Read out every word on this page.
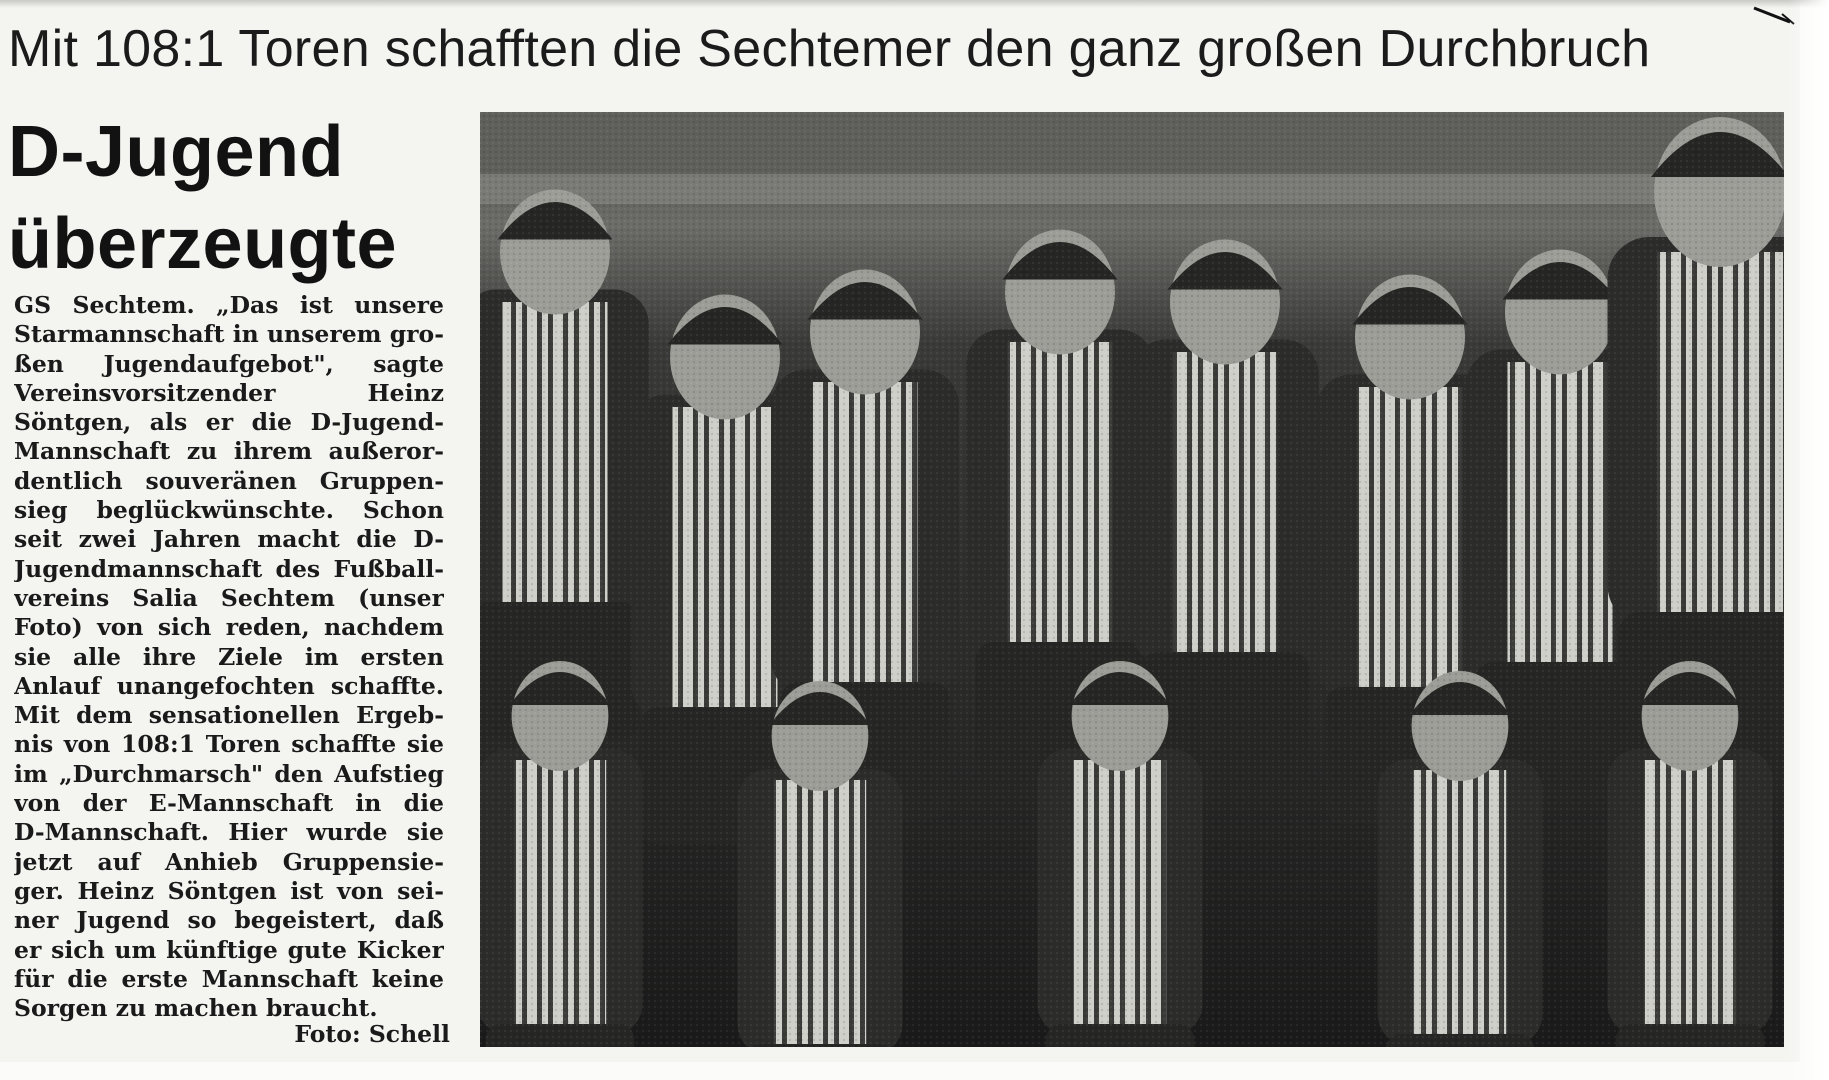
Mit 108:1 Toren schafften die Sechtemer den ganz großen Durchbruch
D-Jugend
überzeugte
GS Sechtem. „Das ist unsere
Starmannschaft in unserem gro-
ßen Jugendaufgebot", sagte
Vereinsvorsitzender Heinz
Söntgen, als er die D-Jugend-
Mannschaft zu ihrem außeror-
dentlich souveränen Gruppen-
sieg beglückwünschte. Schon
seit zwei Jahren macht die D-
Jugendmannschaft des Fußball-
vereins Salia Sechtem (unser
Foto) von sich reden, nachdem
sie alle ihre Ziele im ersten
Anlauf unangefochten schaffte.
Mit dem sensationellen Ergeb-
nis von 108:1 Toren schaffte sie
im „Durchmarsch" den Aufstieg
von der E-Mannschaft in die
D-Mannschaft. Hier wurde sie
jetzt auf Anhieb Gruppensie-
ger. Heinz Söntgen ist von sei-
ner Jugend so begeistert, daß
er sich um künftige gute Kicker
für die erste Mannschaft keine
Sorgen zu machen braucht.

Foto: Schell
